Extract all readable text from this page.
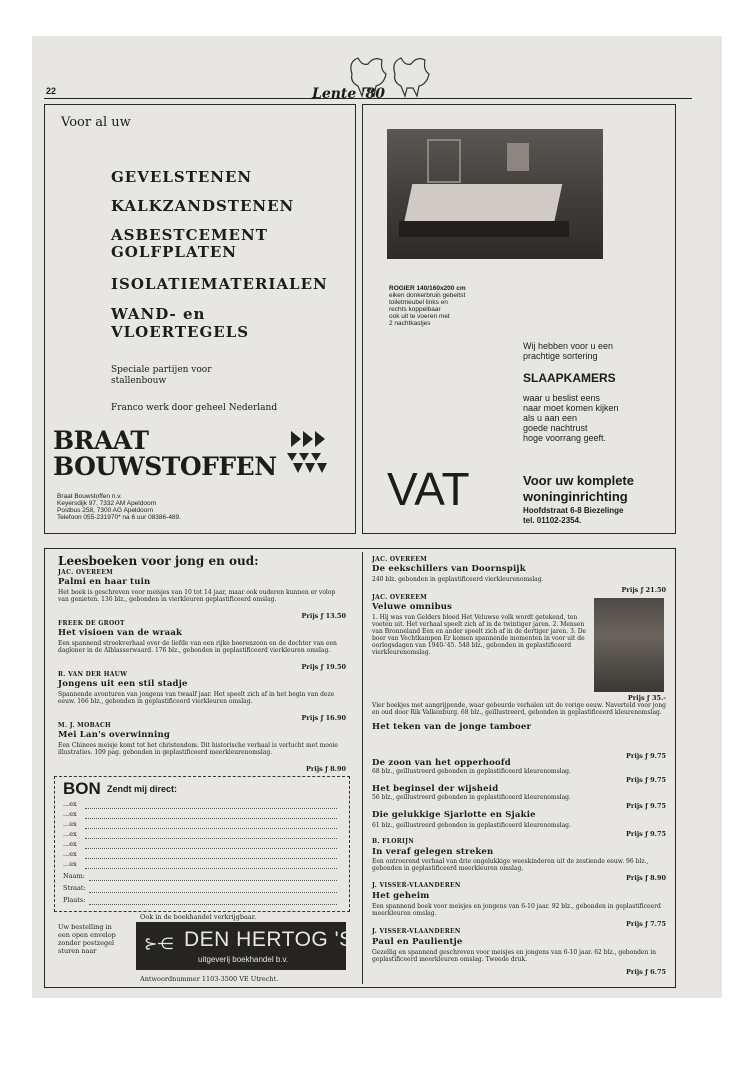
22	Lente '80
Voor al uw
GEVELSTENEN
KALKZANDSTENEN
ASBESTCEMENT
GOLFPLATEN
ISOLATIEMATERIALEN
WAND- en
VLOERTEGELS
Speciale partijen voor
stallenbouw
Franco werk door geheel Nederland
BRAAT
BOUWSTOFFEN
Braat Bouwstoffen n.v.
Keyersdijk 97, 7332 AM Apeldoorn
Postbus 258, 7300 AG Apeldoorn
Telefoon 055-231970* na 6 uur 08386-489.
ROGIER 140/160x200 cm
eiken donkerbruin gebeitst
toiletmeubel links en
rechts koppelbaar
ook uit te voeren met
2 nachtkastjes
Wij hebben voor u een
prachtige sortering
SLAAPKAMERS
waar u beslist eens
naar moet komen kijken
als u aan een
goede nachtrust
hoge voorrang geeft.
VAT	Voor uw komplete
woninginrichting
Hoofdstraat 6-8 Biezelinge
tel. 01102-2354.
Leesboeken voor jong en oud:
JAC. OVEREEM
Palmi en haar tuin
Het boek is geschreven voor meisjes van 10 tot 14 jaar, maar ook ouderen kunnen er volop van genieten. 136 blz., gebonden in vierkleuren geplastificeerd omslag.
Prijs ƒ 13.50
FREEK DE GROOT
Het visioen van de wraak
Een spannend streekverhaal over de liefde van een rijke boerenzoon en de dochter van een dagloner in de Alblasserwaard. 176 blz., gebonden in geplastificeerd vierkleuren omslag.
Prijs ƒ 19.50
R. VAN DER HAUW
Jongens uit een stil stadje
Spannende avonturen van jongens van twaalf jaar. Het speelt zich af in het begin van deze eeuw. 166 blz., gebonden in geplastificeerd vierkleuren omslag.
Prijs ƒ 16.90
M. J. MOBACH
Mei Lan's overwinning
Een Chinees meisje komt tot het christendom. Dit historische verhaal is verlucht met mooie illustraties. 109 pag. gebonden in geplastificeerd meerkleurenomslag.
Prijs ƒ 8.90
BON Zendt mij direct:
...ex
...ex
...ex
...ex
...ex
...ex
...ex
Naam:
Straat:
Plaats:
Ook in de boekhandel verkrijgbaar.
Uw bestelling in
een open envelop
zonder postzegel
sturen naar	⊱⋲ DEN HERTOG 'S
uitgeverij boekhandel b.v.
Antwoordnummer 1103-3500 VE Utrecht.
JAC. OVEREEM
De eekschillers van Doornspijk
240 blz. gebonden in geplastificeerd vierkleurenomslag.
Prijs ƒ 21.50
JAC. OVEREEM
Veluwe omnibus
1. Hij was van Gelders bloed Het Veluwse volk wordt getekend, ten voeten uit. Het verhaal speelt zich af in de twintiger jaren. 2. Mensen van Bronneland Een en ander speelt zich af in de dertiger jaren. 3. De boer van Vechtkampen Er komen spannende momenten in voor uit de oorlogsdagen van 1940-'45. 548 blz., gebonden in geplastificeerd vierkleurenomslag.
Prijs ƒ 35.-
Het teken van de jonge tamboer
Vier boekjes met aangrijpende, waar gebeurde verhalen uit de vorige eeuw. Naverteld voor jong en oud door Rik Valkenburg. 68 blz., geïllustreerd, gebonden in geplastificeerd kleurenomslag.
Prijs ƒ 9.75
De zoon van het opperhoofd
68 blz., geïllustreerd gebonden in geplastificeerd kleurenomslag.
Prijs ƒ 9.75
Het beginsel der wijsheid
56 blz., geïllustreerd gebonden in geplastificeerd kleurenomslag.
Prijs ƒ 9.75
Die gelukkige Sjarlotte en Sjakie
61 blz., geïllustreerd gebonden in geplastificeerd kleurenomslag.
Prijs ƒ 9.75
B. FLORIJN
In veraf gelegen streken
Een ontroerend verhaal van drie ongelukkige weeskinderen uit de zestiende eeuw. 96 blz., gebonden in geplastificeerd meerkleuren omslag.
Prijs ƒ 8.90
J. VISSER-VLAANDEREN
Het geheim
Een spannend boek voor meisjes en jongens van 6-10 jaar. 92 blz., gebonden in geplastificeerd meerkleuren omslag.
Prijs ƒ 7.75
J. VISSER-VLAANDEREN
Paul en Paulientje
Gezellig en spannend geschreven voor meisjes en jongens van 6-10 jaar. 62 blz., gebonden in geplastificeerd meerkleuren omslag. Tweede druk.
Prijs ƒ 6.75
